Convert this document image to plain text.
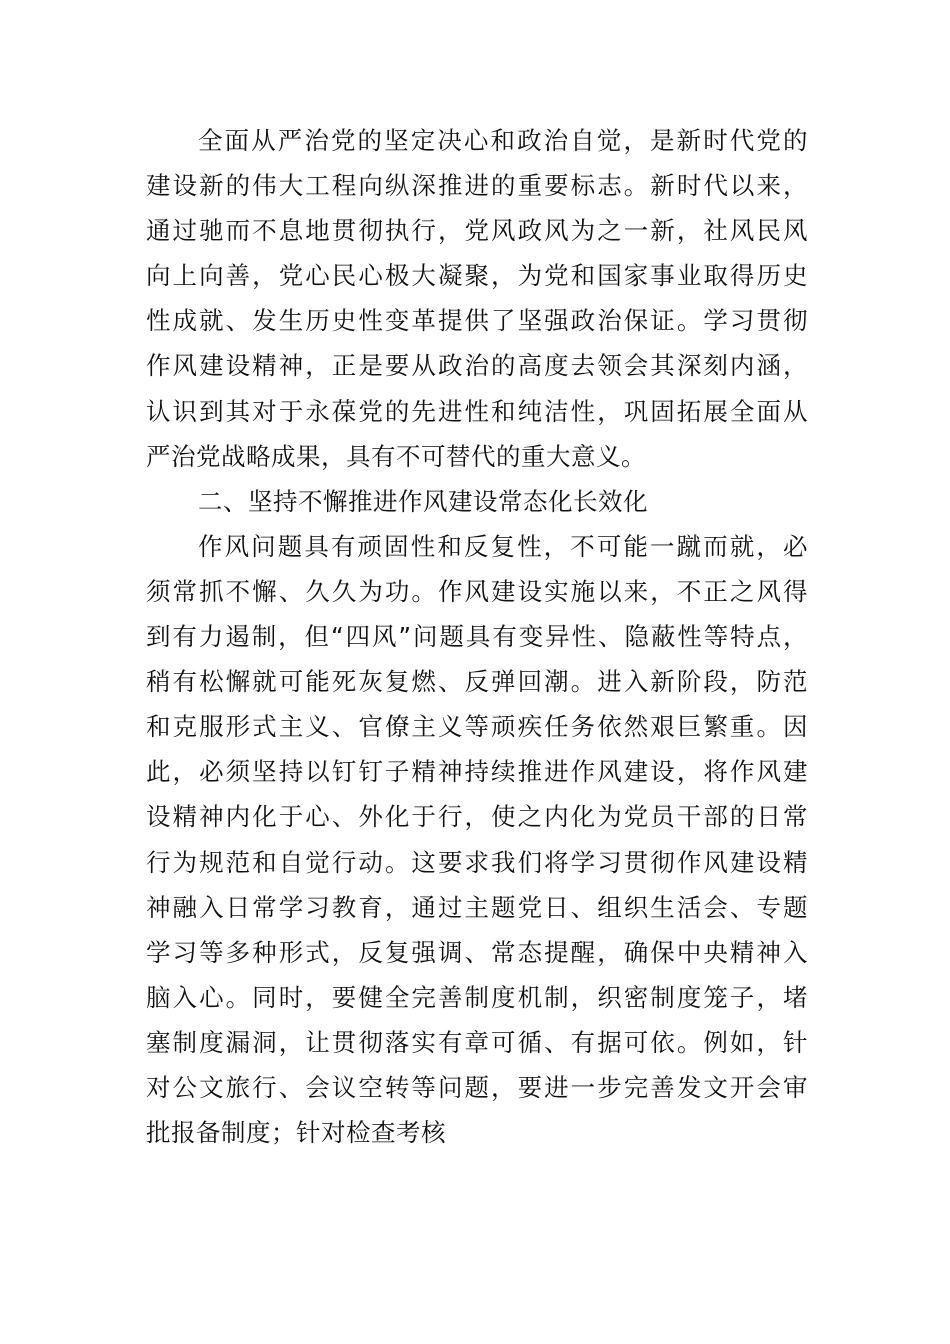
全面从严治党的坚定决心和政治自觉，是新时代党的
建设新的伟大工程向纵深推进的重要标志。新时代以来，
通过驰而不息地贯彻执行，党风政风为之一新，社风民风
向上向善，党心民心极大凝聚，为党和国家事业取得历史
性成就、发生历史性变革提供了坚强政治保证。学习贯彻
作风建设精神，正是要从政治的高度去领会其深刻内涵，
认识到其对于永葆党的先进性和纯洁性，巩固拓展全面从
严治党战略成果，具有不可替代的重大意义。
二、坚持不懈推进作风建设常态化长效化
作风问题具有顽固性和反复性，不可能一蹴而就，必
须常抓不懈、久久为功。作风建设实施以来，不正之风得
到有力遏制，但“四风”问题具有变异性、隐蔽性等特点，
稍有松懈就可能死灰复燃、反弹回潮。进入新阶段，防范
和克服形式主义、官僚主义等顽疾任务依然艰巨繁重。因
此，必须坚持以钉钉子精神持续推进作风建设，将作风建
设精神内化于心、外化于行，使之内化为党员干部的日常
行为规范和自觉行动。这要求我们将学习贯彻作风建设精
神融入日常学习教育，通过主题党日、组织生活会、专题
学习等多种形式，反复强调、常态提醒，确保中央精神入
脑入心。同时，要健全完善制度机制，织密制度笼子，堵
塞制度漏洞，让贯彻落实有章可循、有据可依。例如，针
对公文旅行、会议空转等问题，要进一步完善发文开会审
批报备制度；针对检查考核
